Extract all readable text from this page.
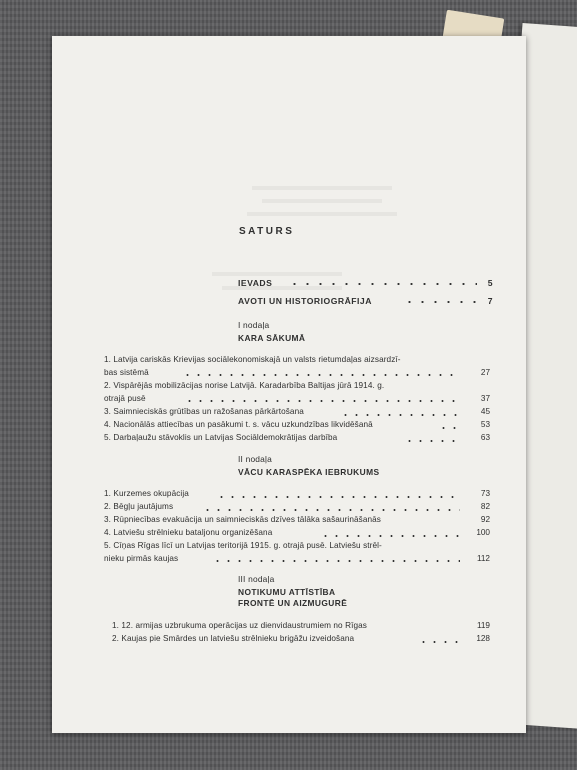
SATURS
IEVADS	5
AVOTI UN HISTORIOGRĀFIJA	7
I nodaļa
KARA SĀKUMĀ
1. Latvija cariskās Krievijas sociālekonomiskajā un valsts rietumdaļas aizsardzī-
bas sistēmā	27
2. Vispārējās mobilizācijas norise Latvijā. Karadarbība Baltijas jūrā 1914. g.
otrajā pusē	37
3. Saimnieciskās grūtības un ražošanas pārkārtošana	45
4. Nacionālās attiecības un pasākumi t. s. vācu uzkundzības likvidēšanā	53
5. Darbaļaužu stāvoklis un Latvijas Sociāldemokrātijas darbība	63
II nodaļa
VĀCU KARASPĒKA IEBRUKUMS
1. Kurzemes okupācija	73
2. Bēgļu jautājums	82
3. Rūpniecības evakuācija un saimnieciskās dzīves tālāka sašaurināšanās	92
4. Latviešu strēlnieku bataljonu organizēšana	100
5. Cīņas Rīgas līcī un Latvijas teritorijā 1915. g. otrajā pusē. Latviešu strēl-
nieku pirmās kaujas	112
III nodaļa
NOTIKUMU ATTĪSTĪBA
FRONTĒ UN AIZMUGURĒ
1. 12. armijas uzbrukuma operācijas uz dienvidaustrumiem no Rīgas	119
2. Kaujas pie Smārdes un latviešu strēlnieku brigāžu izveidošana	128
